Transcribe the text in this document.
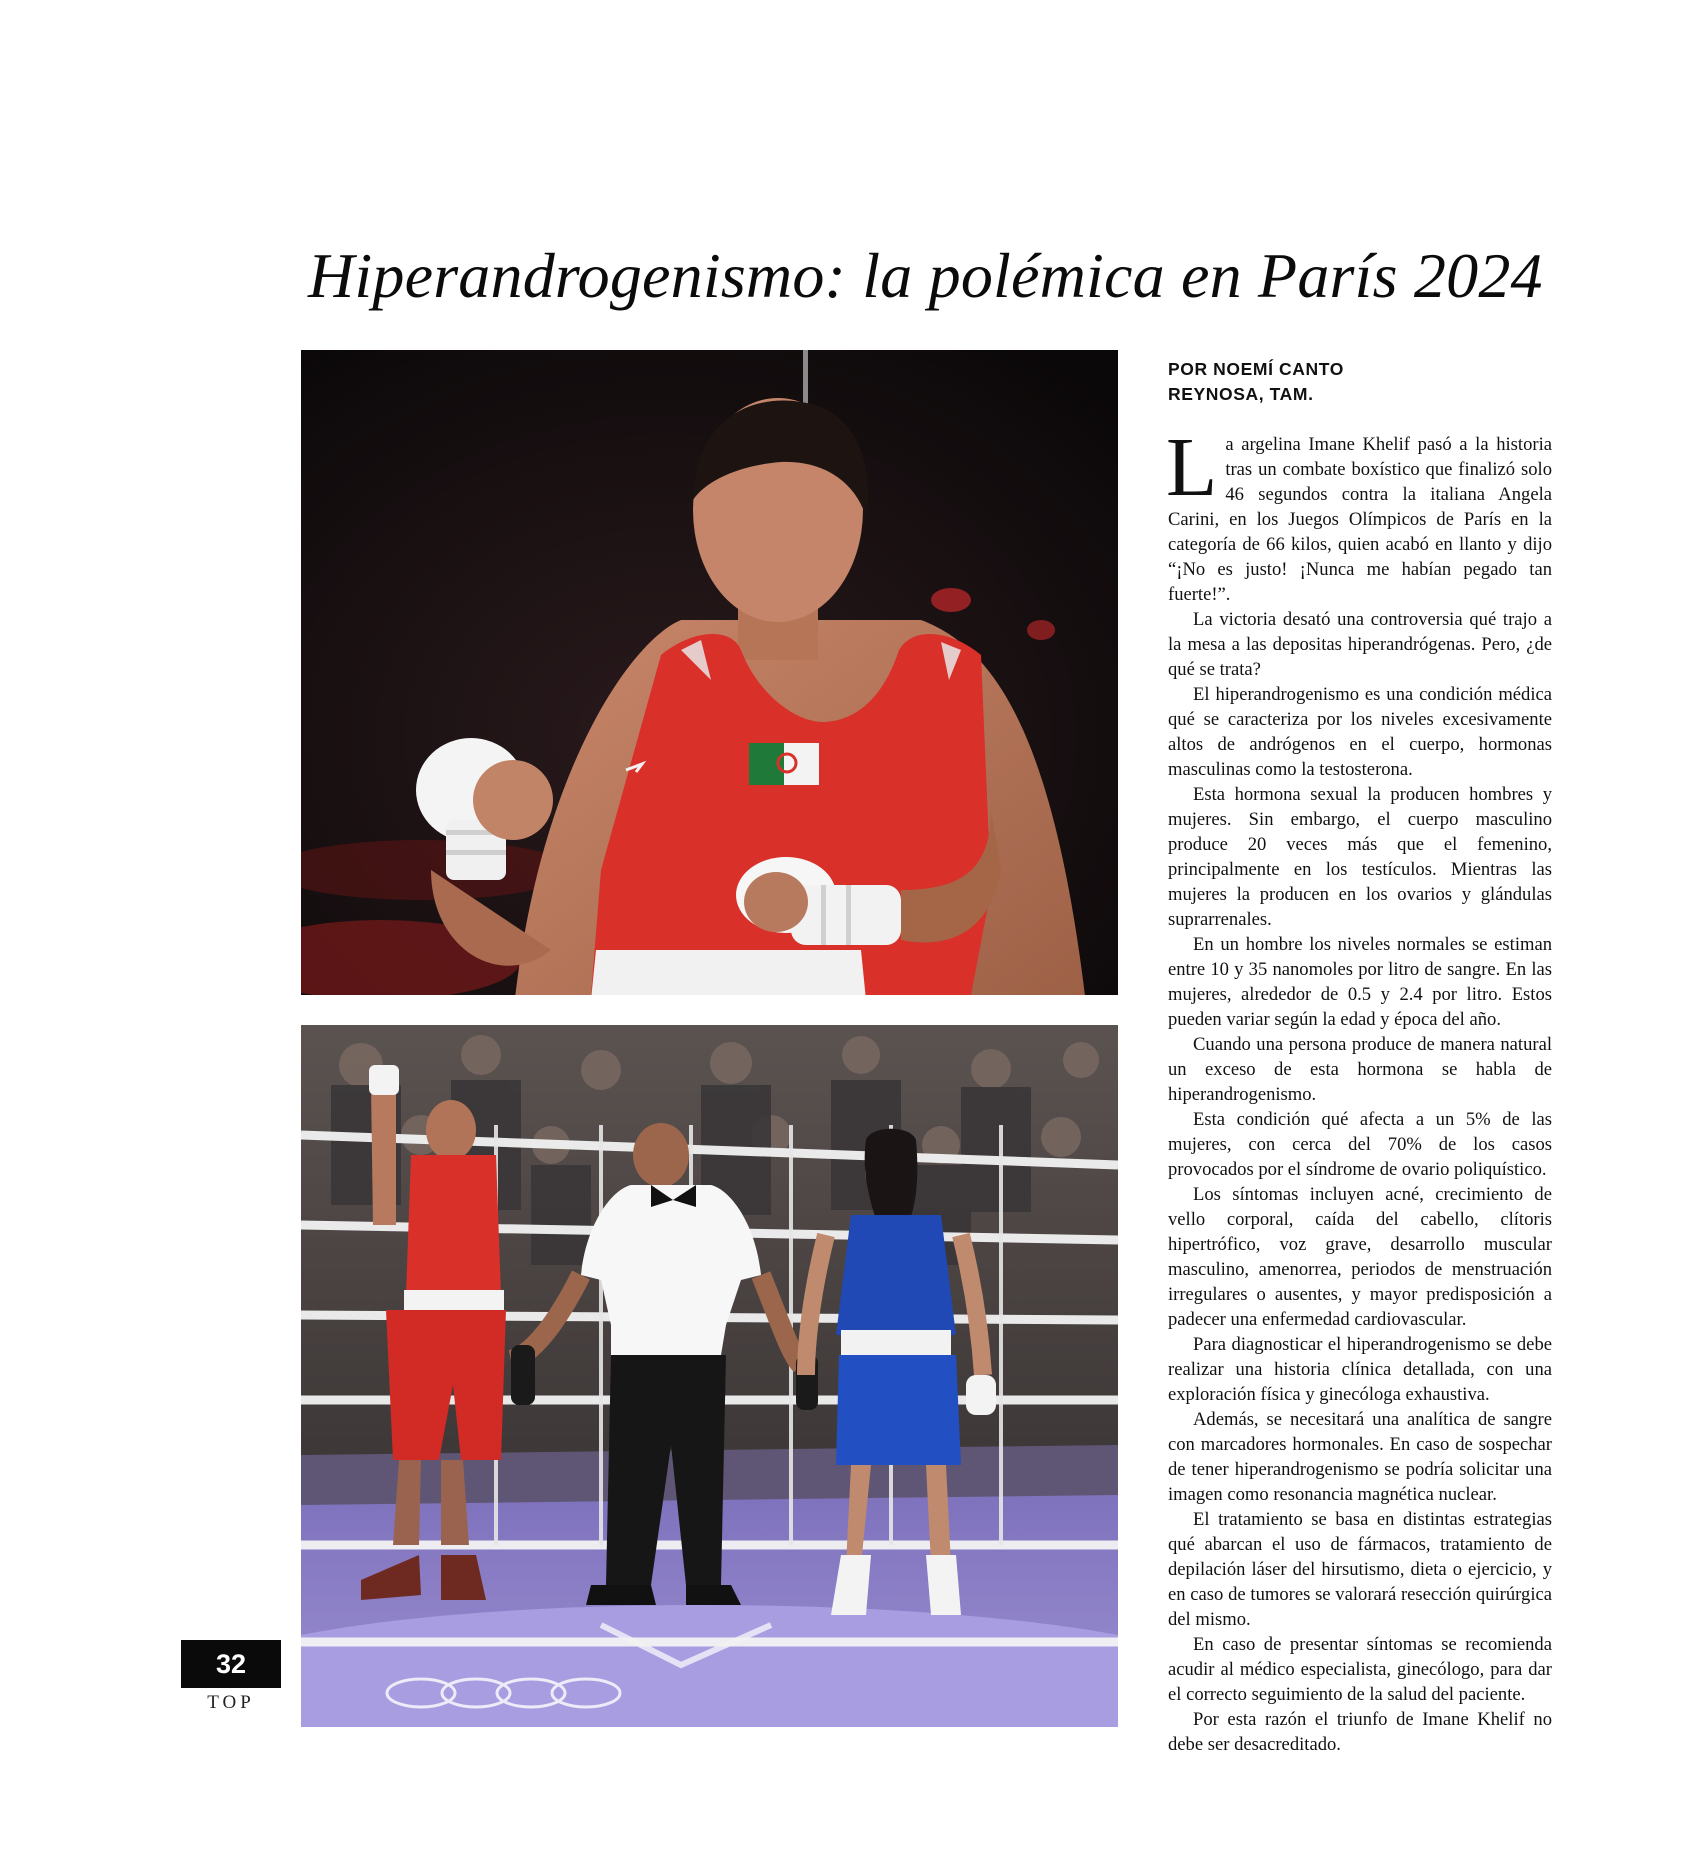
Hiperandrogenismo: la polémica en París 2024
POR NOEMÍ CANTO
REYNOSA, TAM.

La argelina Imane Khelif pasó a la historia tras un combate boxístico que finalizó solo 46 segundos contra la italiana Angela Carini, en los Juegos Olímpicos de París en la categoría de 66 kilos, quien acabó en llanto y dijo “¡No es justo! ¡Nunca me habían pegado tan fuerte!”.

La victoria desató una controversia qué trajo a la mesa a las depositas hiperandrógenas. Pero, ¿de qué se trata?

El hiperandrogenismo es una condición médica qué se caracteriza por los niveles excesivamente altos de andrógenos en el cuerpo, hormonas masculinas como la testosterona.

Esta hormona sexual la producen hombres y mujeres. Sin embargo, el cuerpo masculino produce 20 veces más que el femenino, principalmente en los testículos. Mientras las mujeres la producen en los ovarios y glándulas suprarrenales.

En un hombre los niveles normales se estiman entre 10 y 35 nanomoles por litro de sangre. En las mujeres, alrededor de 0.5 y 2.4 por litro. Estos pueden variar según la edad y época del año.

Cuando una persona produce de manera natural un exceso de esta hormona se habla de hiperandrogenismo.

Esta condición qué afecta a un 5% de las mujeres, con cerca del 70% de los casos provocados por el síndrome de ovario poliquístico.

Los síntomas incluyen acné, crecimiento de vello corporal, caída del cabello, clítoris hipertrófico, voz grave, desarrollo muscular masculino, amenorrea, periodos de menstruación irregulares o ausentes, y mayor predisposición a padecer una enfermedad cardiovascular.

Para diagnosticar el hiperandrogenismo se debe realizar una historia clínica detallada, con una exploración física y ginecóloga exhaustiva.

Además, se necesitará una analítica de sangre con marcadores hormonales. En caso de sospechar de tener hiperandrogenismo se podría solicitar una imagen como resonancia magnética nuclear.

El tratamiento se basa en distintas estrategias qué abarcan el uso de fármacos, tratamiento de depilación láser del hirsutismo, dieta o ejercicio, y en caso de tumores se valorará resección quirúrgica del mismo.

En caso de presentar síntomas se recomienda acudir al médico especialista, ginecólogo, para dar el correcto seguimiento de la salud del paciente.

Por esta razón el triunfo de Imane Khelif no debe ser desacreditado.

32
TOP
